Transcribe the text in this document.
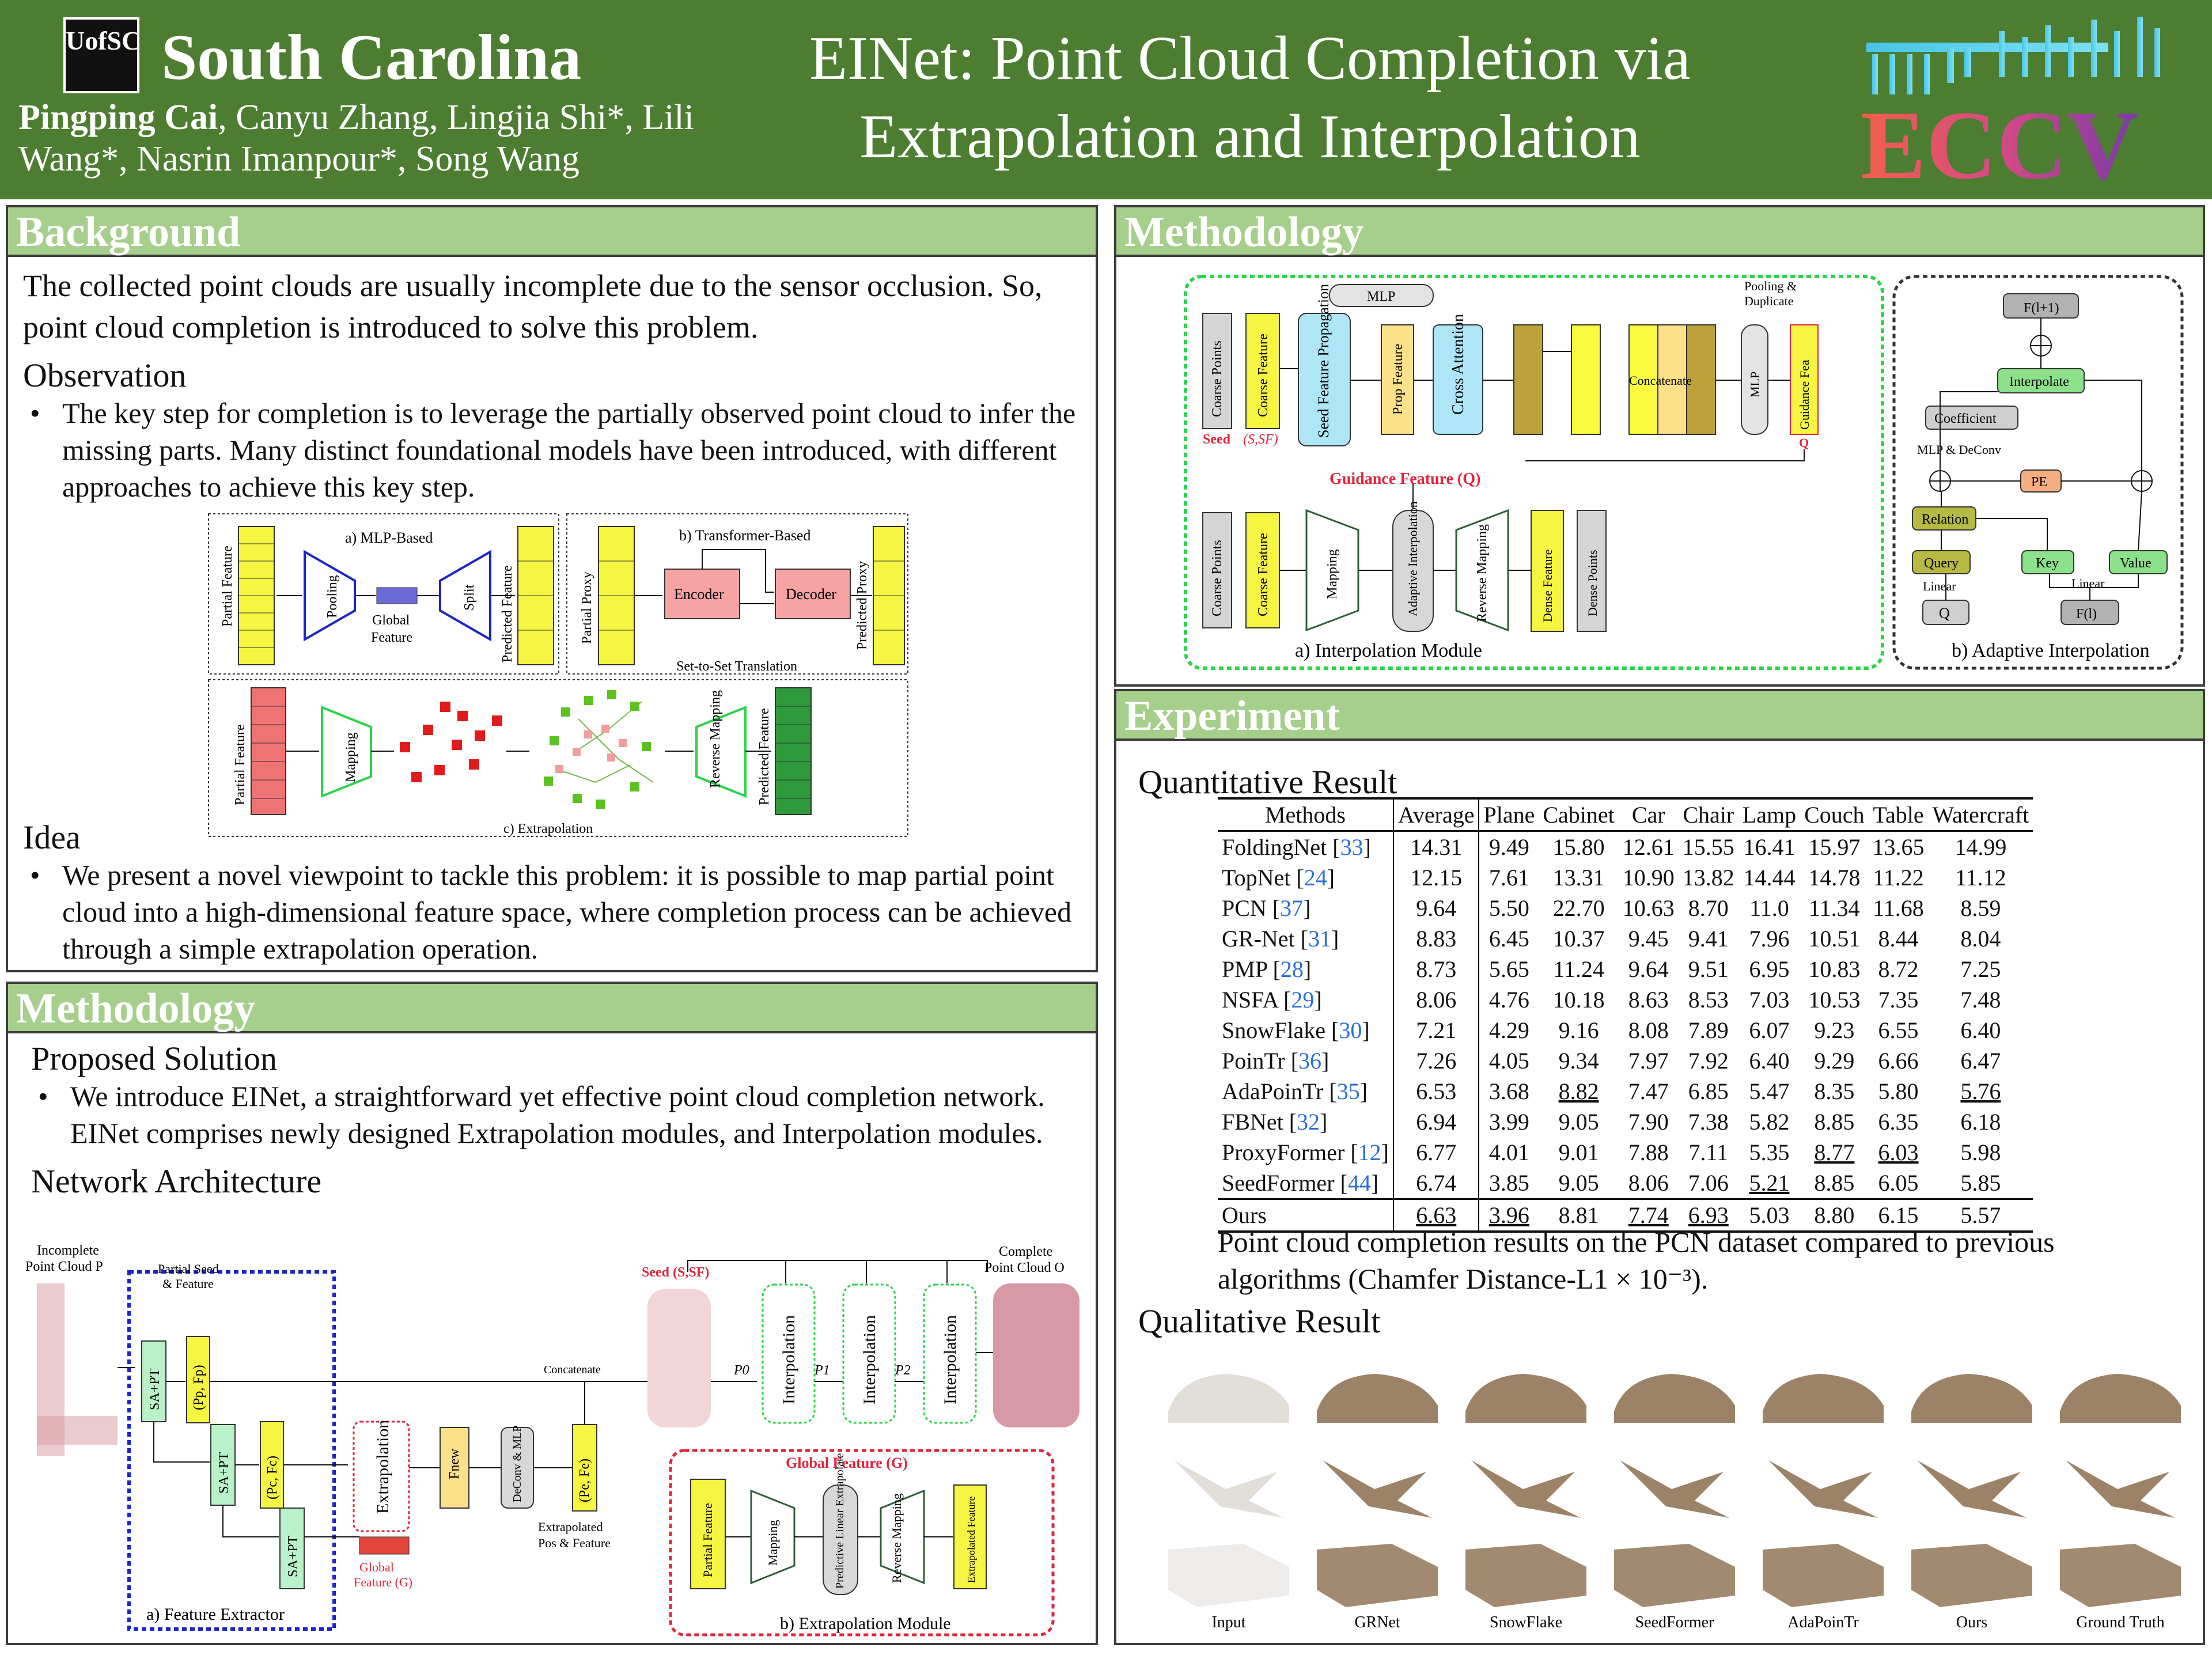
UofSC South Carolina
Pingping Cai, Canyu Zhang, Lingjia Shi*, Lili Wang*, Nasrin Imanpour*, Song Wang
EINet: Point Cloud Completion via
Extrapolation and Interpolation	ECCV
Background
The collected point clouds are usually incomplete due to the sensor occlusion. So, point cloud completion is introduced to solve this problem.
Observation
• The key step for completion is to leverage the partially observed point cloud to infer the missing parts. Many distinct foundational models have been introduced, with different approaches to achieve this key step.
a) MLP-Based
Partial Feature	Pooling
Global
Feature
Split Predicted Feature
b) Transformer-Based
Partial Proxy	Encoder	Decoder Predicted Proxy
Set-to-Set Translation
Partial Feature	Mapping	Reverse Mapping Predicted Feature
c) Extrapolation
Idea
• We present a novel viewpoint to tackle this problem: it is possible to map partial point cloud into a high-dimensional feature space, where completion process can be achieved through a simple extrapolation operation.
Methodology
Proposed Solution
• We introduce EINet, a straightforward yet effective point cloud completion network. EINet comprises newly designed Extrapolation modules, and Interpolation modules.
Network Architecture
Incomplete
Point Cloud P	Partial Seed
& Feature
SA+PT (Pp, Fp)	Concatenate
SA+PT (Pc, Fc)
SA+PT
a) Feature Extractor
Extrapolation
Global
Feature (G)
Fnew	DeConv & MLP	(Pe, Fe)
Extrapolated
Pos & Feature
Seed (S,SF)
P0 Interpolation P1 Interpolation P2 Interpolation
Complete
Point Cloud O
Global Feature (G)
Partial Feature	Mapping	Predictive Linear Extrapolate	Reverse Mapping	Extrapolated Feature
b) Extrapolation Module
Methodology
MLP
Pooling &
Duplicate
Coarse Points Coarse Feature	Seed Feature Propagation
Seed (S,SF)
Prop Feature	Cross Attention	Concatenate	MLP	Guidance Fea
Q
Guidance Feature (Q)
Coarse Points Coarse Feature	Mapping	Adaptive Interpolation	Reverse Mapping	Dense Feature Dense Points
a) Interpolation Module
F(l+1)
Interpolate
Coefficient
MLP & DeConv
PE
Relation
Query	Key	Value
Linear	Linear
Q	F(l)
b) Adaptive Interpolation
Experiment
Quantitative Result
Methods	Average	Plane	Cabinet	Car	Chair	Lamp	Couch	Table	Watercraft
FoldingNet [33]	14.31	9.49	15.80	12.61	15.55	16.41	15.97	13.65	14.99
TopNet [24]	12.15	7.61	13.31	10.90	13.82	14.44	14.78	11.22	11.12
PCN [37]	9.64	5.50	22.70	10.63	8.70	11.0	11.34	11.68	8.59
GR-Net [31]	8.83	6.45	10.37	9.45	9.41	7.96	10.51	8.44	8.04
PMP [28]	8.73	5.65	11.24	9.64	9.51	6.95	10.83	8.72	7.25
NSFA [29]	8.06	4.76	10.18	8.63	8.53	7.03	10.53	7.35	7.48
SnowFlake [30]	7.21	4.29	9.16	8.08	7.89	6.07	9.23	6.55	6.40
PoinTr [36]	7.26	4.05	9.34	7.97	7.92	6.40	9.29	6.66	6.47
AdaPoinTr [35]	6.53	3.68	8.82	7.47	6.85	5.47	8.35	5.80	5.76
FBNet [32]	6.94	3.99	9.05	7.90	7.38	5.82	8.85	6.35	6.18
ProxyFormer [12]	6.77	4.01	9.01	7.88	7.11	5.35	8.77	6.03	5.98
SeedFormer [44]	6.74	3.85	9.05	8.06	7.06	5.21	8.85	6.05	5.85
Ours	6.63	3.96	8.81	7.74	6.93	5.03	8.80	6.15	5.57
Point cloud completion results on the PCN dataset compared to previous algorithms (Chamfer Distance-L1 × 10⁻³).
Qualitative Result
Input	GRNet	SnowFlake	SeedFormer	AdaPoinTr	Ours	Ground Truth
